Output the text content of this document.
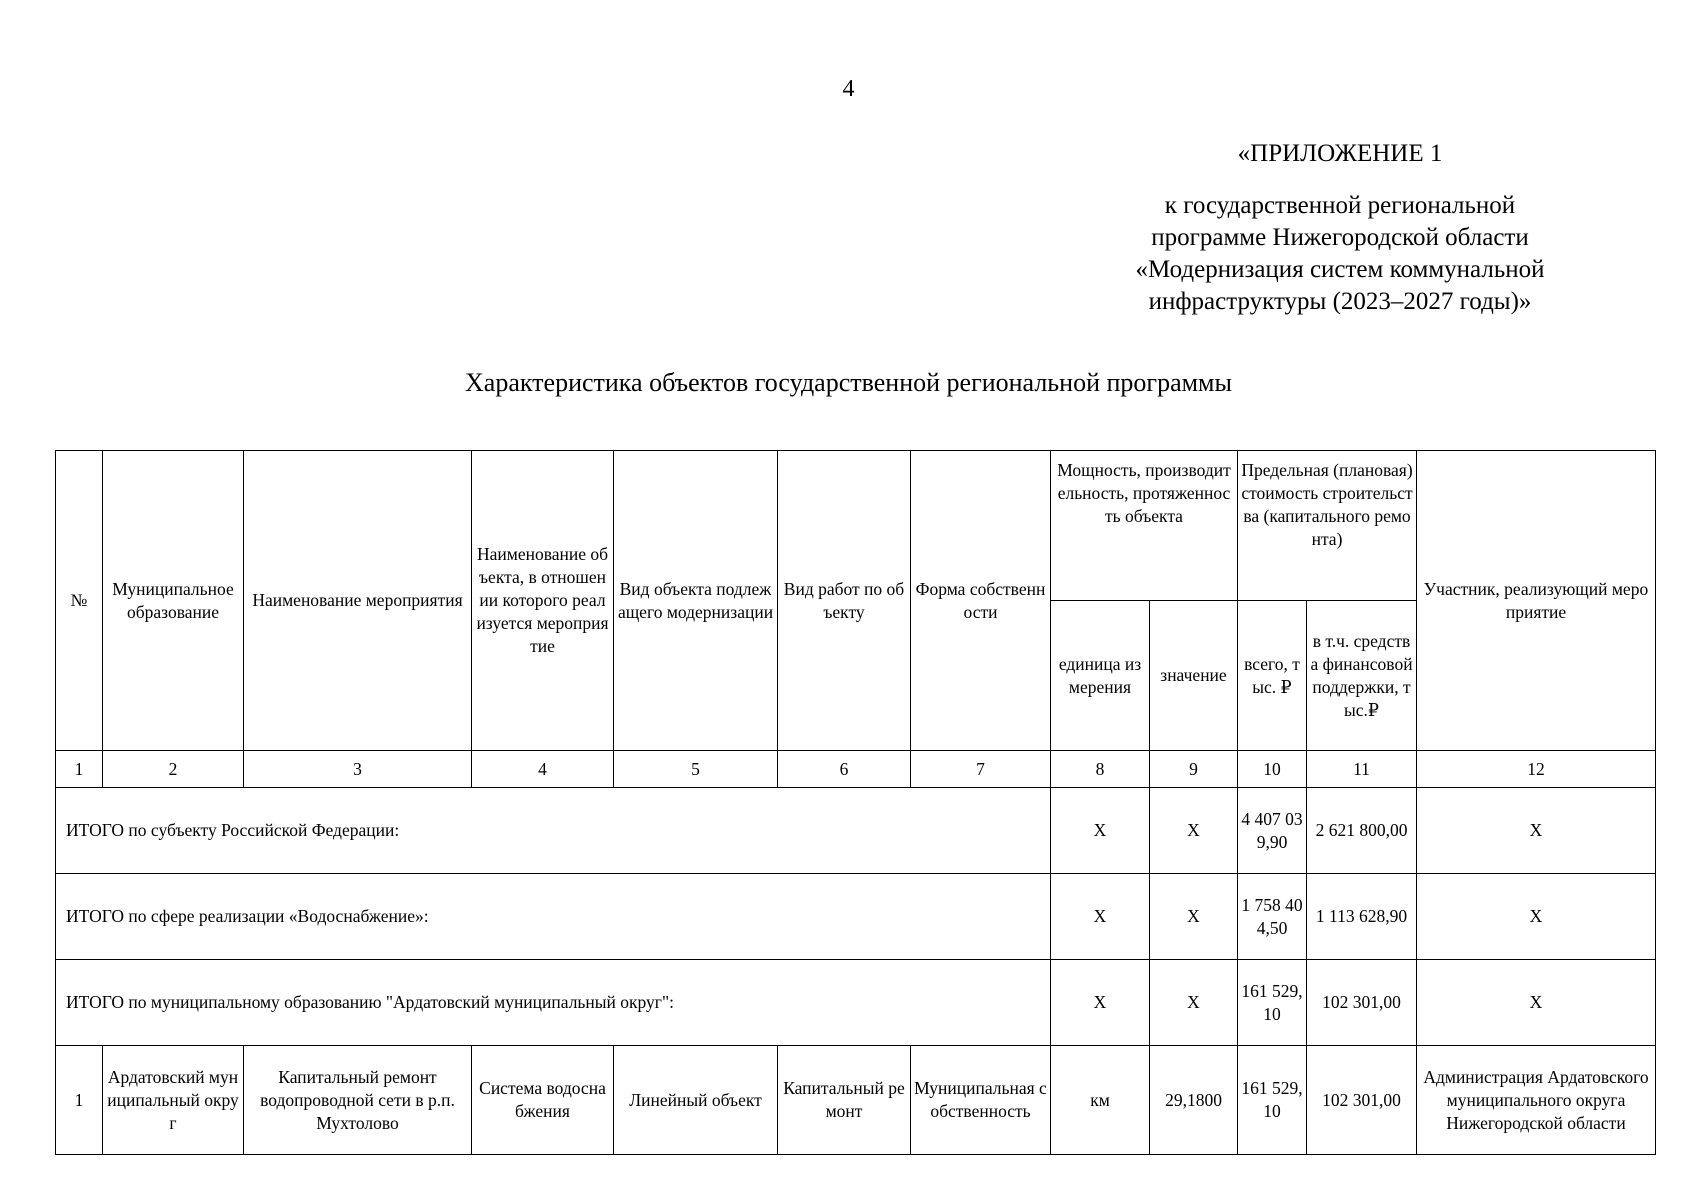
4
«ПРИЛОЖЕНИЕ 1
к государственной региональной
программе Нижегородской области
«Модернизация систем коммунальной
инфраструктуры (2023–2027 годы)»
Характеристика объектов государственной региональной программы
№	Муниципальное образование	Наименование мероприятия	Наименование объекта, в отношении которого реализуется мероприятие	Вид объекта подлежащего модернизации	Вид работ по объекту	Форма собственности	Мощность, производительность, протяженность объекта		Предельная (плановая) стоимость строительства (капитального ремонта)		Участник, реализующий мероприятие
							единица измерения	значение	всего, тыс. ₽	в т.ч. средства финансовой поддержки, тыс.₽	
1	2	3	4	5	6	7	8	9	10	11	12
ИТОГО по субъекту Российской Федерации:							X	X	4 407 039,90	2 621 800,00	X
ИТОГО по сфере реализации «Водоснабжение»:							X	X	1 758 404,50	1 113 628,90	X
ИТОГО по муниципальному образованию "Ардатовский муниципальный округ":							X	X	161 529,10	102 301,00	X
1	Ардатовский муниципальный округ	Капитальный ремонт водопроводной сети в р.п. Мухтолово	Система водоснабжения	Линейный объект	Капитальный ремонт	Муниципальная собственность	км	29,1800	161 529,10	102 301,00	Администрация Ардатовского муниципального округа Нижегородской области
